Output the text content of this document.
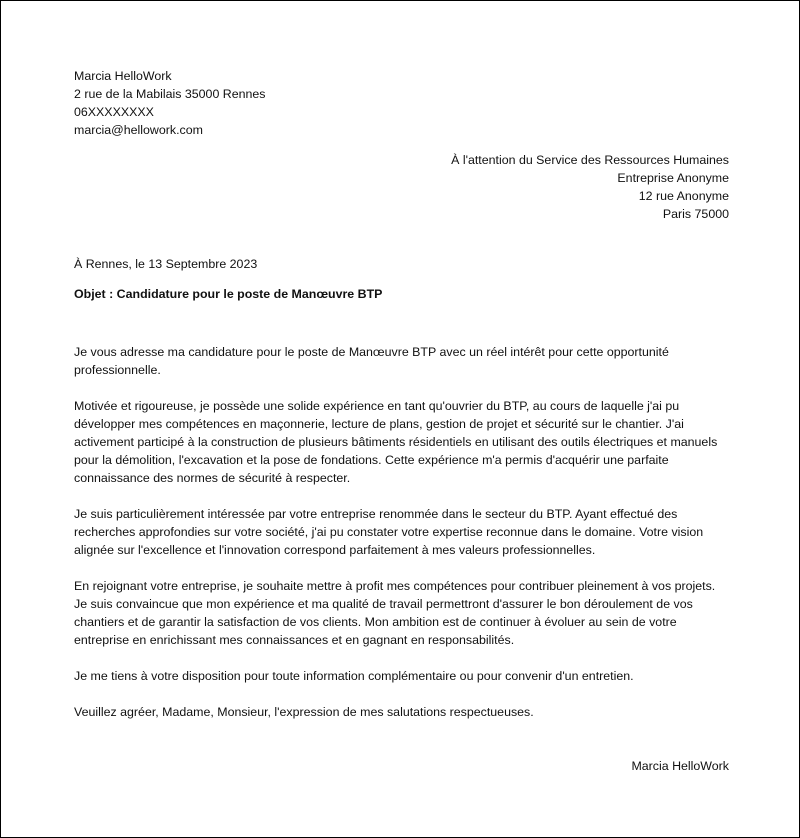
Marcia HelloWork
2 rue de la Mabilais 35000 Rennes
06XXXXXXXX
marcia@hellowork.com
À l'attention du Service des Ressources Humaines
Entreprise Anonyme
12 rue Anonyme
Paris 75000
À Rennes, le 13 Septembre 2023
Objet : Candidature pour le poste de Manœuvre BTP

Je vous adresse ma candidature pour le poste de Manœuvre BTP avec un réel intérêt pour cette opportunité professionnelle.

Motivée et rigoureuse, je possède une solide expérience en tant qu'ouvrier du BTP, au cours de laquelle j'ai pu développer mes compétences en maçonnerie, lecture de plans, gestion de projet et sécurité sur le chantier. J'ai activement participé à la construction de plusieurs bâtiments résidentiels en utilisant des outils électriques et manuels pour la démolition, l'excavation et la pose de fondations. Cette expérience m'a permis d'acquérir une parfaite connaissance des normes de sécurité à respecter.

Je suis particulièrement intéressée par votre entreprise renommée dans le secteur du BTP. Ayant effectué des recherches approfondies sur votre société, j'ai pu constater votre expertise reconnue dans le domaine. Votre vision alignée sur l'excellence et l'innovation correspond parfaitement à mes valeurs professionnelles.

En rejoignant votre entreprise, je souhaite mettre à profit mes compétences pour contribuer pleinement à vos projets. Je suis convaincue que mon expérience et ma qualité de travail permettront d'assurer le bon déroulement de vos chantiers et de garantir la satisfaction de vos clients. Mon ambition est de continuer à évoluer au sein de votre entreprise en enrichissant mes connaissances et en gagnant en responsabilités.

Je me tiens à votre disposition pour toute information complémentaire ou pour convenir d'un entretien.

Veuillez agréer, Madame, Monsieur, l'expression de mes salutations respectueuses.

Marcia HelloWork
